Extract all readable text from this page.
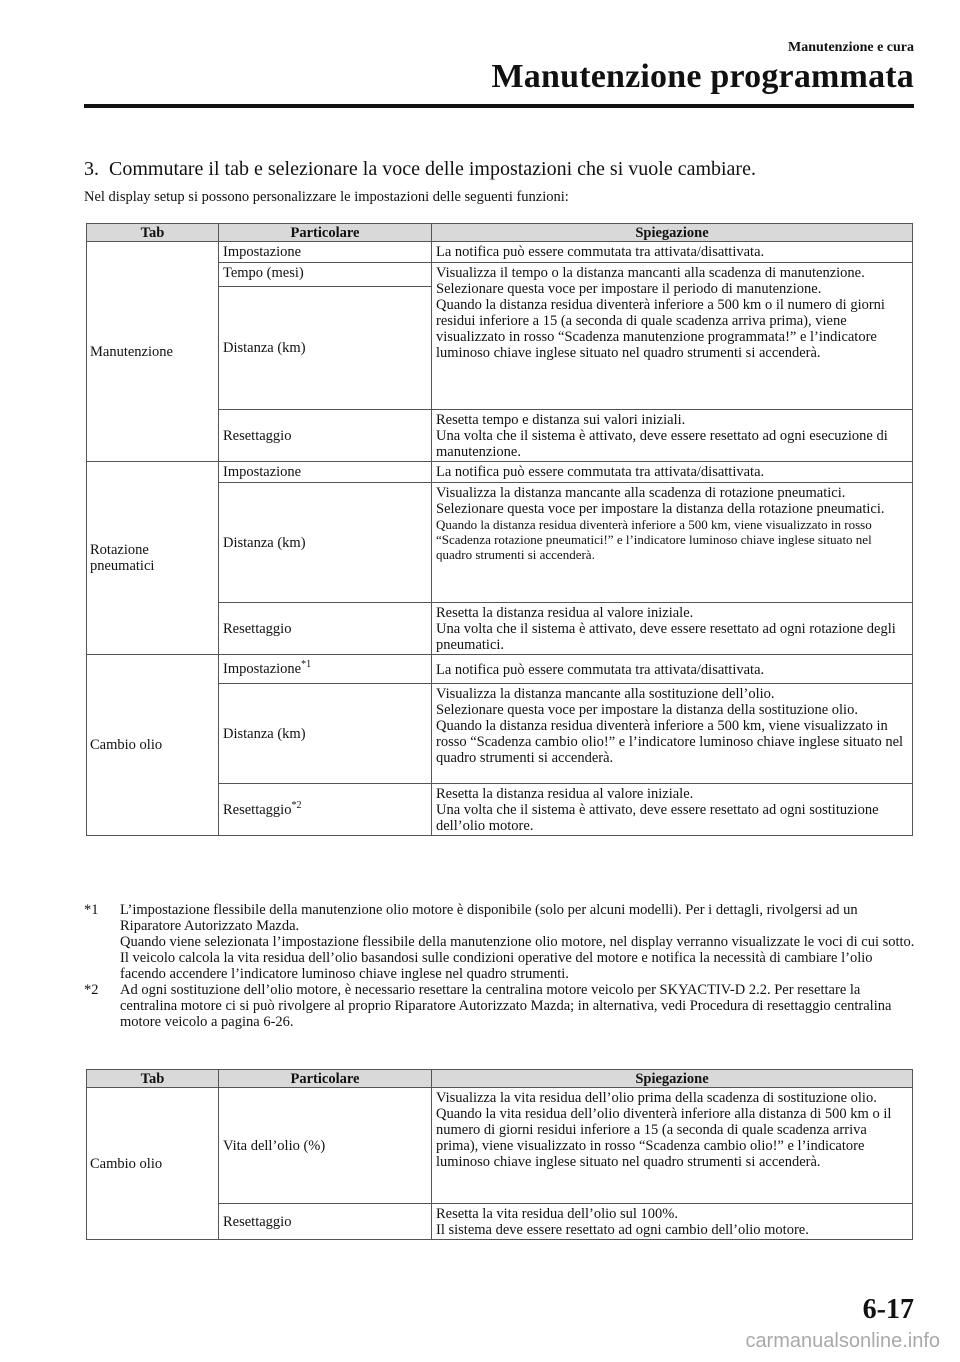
Manutenzione e cura
Manutenzione programmata
3. Commutare il tab e selezionare la voce delle impostazioni che si vuole cambiare.
Nel display setup si possono personalizzare le impostazioni delle seguenti funzioni:
Tab	Particolare	Spiegazione
Manutenzione	Impostazione	La notifica può essere commutata tra attivata/disattivata.
	Tempo (mesi)	Visualizza il tempo o la distanza mancanti alla scadenza di manutenzione.
Selezionare questa voce per impostare il periodo di manutenzione.
Quando la distanza residua diventerà inferiore a 500 km o il numero di giorni residui inferiore a 15 (a seconda di quale scadenza arriva prima), viene visualizzato in rosso “Scadenza manutenzione programmata!” e l’indicatore luminoso chiave inglese situato nel quadro strumenti si accenderà.

	Distanza (km)	
	Resettaggio	Resetta tempo e distanza sui valori iniziali.
Una volta che il sistema è attivato, deve essere resettato ad ogni esecuzione di manutenzione.
Rotazione pneumatici	Impostazione	La notifica può essere commutata tra attivata/disattivata.
	Distanza (km)	Visualizza la distanza mancante alla scadenza di rotazione pneumatici.
Selezionare questa voce per impostare la distanza della rotazione pneumatici.
Quando la distanza residua diventerà inferiore a 500 km, viene visualizzato in rosso “Scadenza rotazione pneumatici!” e l’indicatore luminoso chiave inglese situato nel quadro strumenti si accenderà.

	Resettaggio	Resetta la distanza residua al valore iniziale.
Una volta che il sistema è attivato, deve essere resettato ad ogni rotazione degli pneumatici.
Cambio olio	Impostazione$^{*1}$	La notifica può essere commutata tra attivata/disattivata.
	Distanza (km)	Visualizza la distanza mancante alla sostituzione dell’olio.
Selezionare questa voce per impostare la distanza della sostituzione olio.
Quando la distanza residua diventerà inferiore a 500 km, viene visualizzato in rosso “Scadenza cambio olio!” e l’indicatore luminoso chiave inglese situato nel quadro strumenti si accenderà.
	Resettaggio$^{*2}$	Resetta la distanza residua al valore iniziale.
Una volta che il sistema è attivato, deve essere resettato ad ogni sostituzione dell’olio motore.
*1 L’impostazione flessibile della manutenzione olio motore è disponibile (solo per alcuni modelli). Per i dettagli, rivolgersi ad un Riparatore Autorizzato Mazda.
Quando viene selezionata l’impostazione flessibile della manutenzione olio motore, nel display verranno visualizzate le voci di cui sotto. Il veicolo calcola la vita residua dell’olio basandosi sulle condizioni operative del motore e notifica la necessità di cambiare l’olio facendo accendere l’indicatore luminoso chiave inglese nel quadro strumenti.
*2 Ad ogni sostituzione dell’olio motore, è necessario resettare la centralina motore veicolo per SKYACTIV-D 2.2. Per resettare la centralina motore ci si può rivolgere al proprio Riparatore Autorizzato Mazda; in alternativa, vedi Procedura di resettaggio centralina motore veicolo a pagina 6-26.
Tab	Particolare	Spiegazione
Cambio olio	Vita dell’olio (%)	Visualizza la vita residua dell’olio prima della scadenza di sostituzione olio.
Quando la vita residua dell’olio diventerà inferiore alla distanza di 500 km o il numero di giorni residui inferiore a 15 (a seconda di quale scadenza arriva prima), viene visualizzato in rosso “Scadenza cambio olio!” e l’indicatore luminoso chiave inglese situato nel quadro strumenti si accenderà.
	Resettaggio	Resetta la vita residua dell’olio sul 100%.
Il sistema deve essere resettato ad ogni cambio dell’olio motore.
6-17
carmanualsonline.info
